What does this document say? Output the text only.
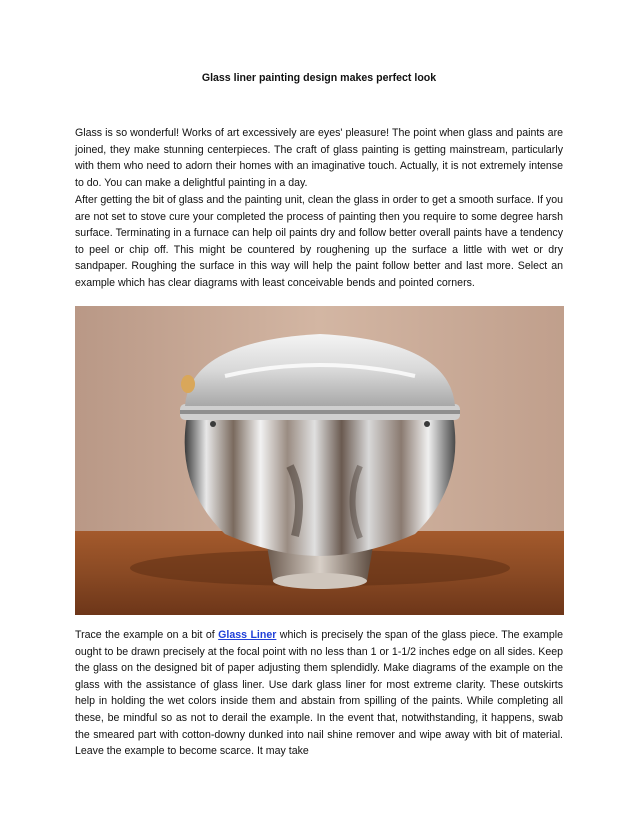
Glass liner painting design makes perfect look

Glass is so wonderful! Works of art excessively are eyes' pleasure! The point when glass and paints are joined, they make stunning centerpieces. The craft of glass painting is getting mainstream, particularly with them who need to adorn their homes with an imaginative touch. Actually, it is not extremely intense to do. You can make a delightful painting in a day.

After getting the bit of glass and the painting unit, clean the glass in order to get a smooth surface. If you are not set to stove cure your completed the process of painting then you require to some degree harsh surface. Terminating in a furnace can help oil paints dry and follow better overall paints have a tendency to peel or chip off. This might be countered by roughening up the surface a little with wet or dry sandpaper. Roughing the surface in this way will help the paint follow better and last more. Select an example which has clear diagrams with least conceivable bends and pointed corners.

Trace the example on a bit of Glass Liner which is precisely the span of the glass piece. The example ought to be drawn precisely at the focal point with no less than 1 or 1-1/2 inches edge on all sides. Keep the glass on the designed bit of paper adjusting them splendidly. Make diagrams of the example on the glass with the assistance of glass liner. Use dark glass liner for most extreme clarity. These outskirts help in holding the wet colors inside them and abstain from spilling of the paints. While completing all these, be mindful so as not to derail the example. In the event that, notwithstanding, it happens, swab the smeared part with cotton-downy dunked into nail shine remover and wipe away with bit of material. Leave the example to become scarce. It may take
